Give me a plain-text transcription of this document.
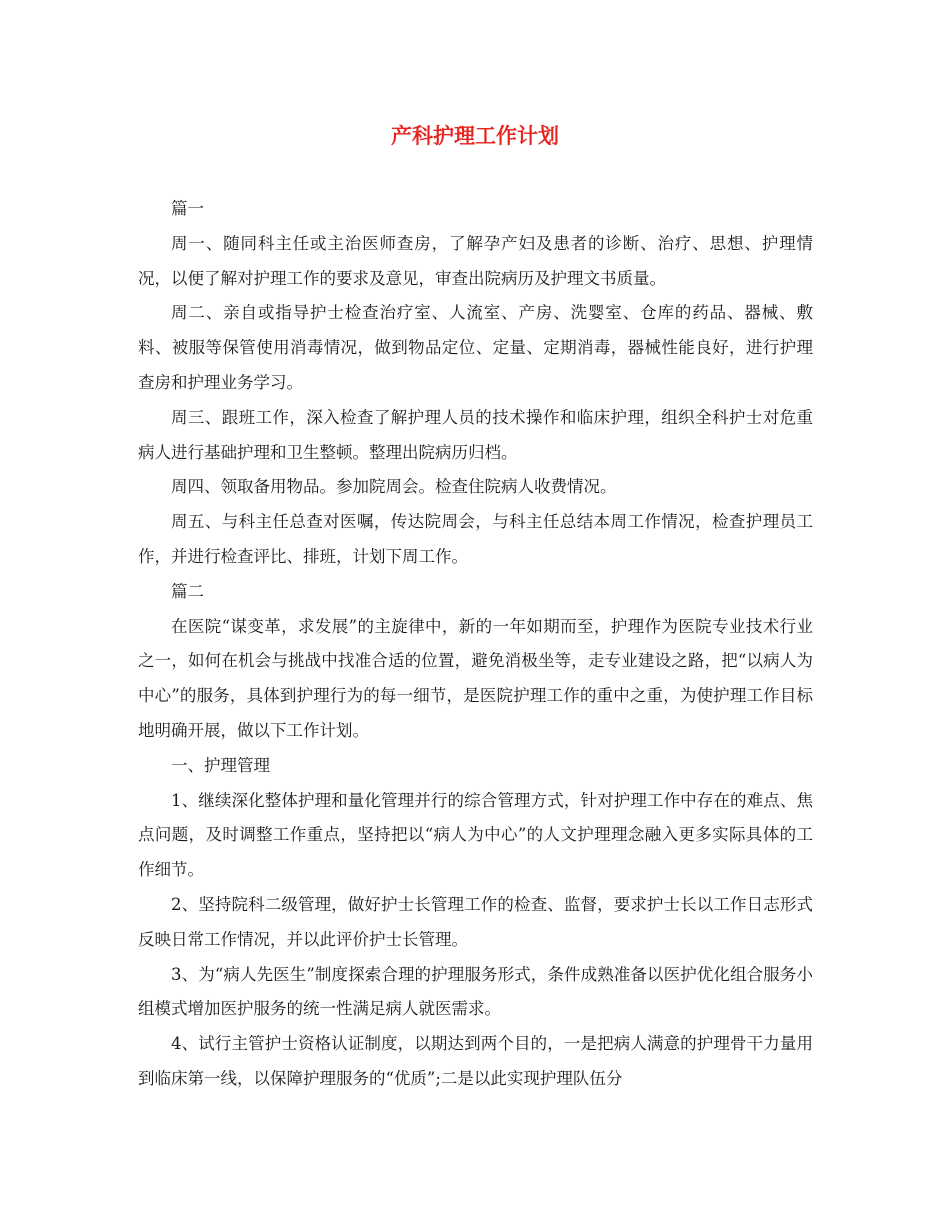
产科护理工作计划

篇一

周一、随同科主任或主治医师查房，了解孕产妇及患者的诊断、治疗、思想、护理情况，以便了解对护理工作的要求及意见，审查出院病历及护理文书质量。

周二、亲自或指导护士检查治疗室、人流室、产房、洗婴室、仓库的药品、器械、敷料、被服等保管使用消毒情况，做到物品定位、定量、定期消毒，器械性能良好，进行护理查房和护理业务学习。

周三、跟班工作，深入检查了解护理人员的技术操作和临床护理，组织全科护士对危重病人进行基础护理和卫生整顿。整理出院病历归档。

周四、领取备用物品。参加院周会。检查住院病人收费情况。

周五、与科主任总查对医嘱，传达院周会，与科主任总结本周工作情况，检查护理员工作，并进行检查评比、排班，计划下周工作。

篇二

在医院“谋变革，求发展”的主旋律中，新的一年如期而至，护理作为医院专业技术行业之一，如何在机会与挑战中找准合适的位置，避免消极坐等，走专业建设之路，把“以病人为中心”的服务，具体到护理行为的每一细节，是医院护理工作的重中之重，为使护理工作目标地明确开展，做以下工作计划。

一、护理管理

1、继续深化整体护理和量化管理并行的综合管理方式，针对护理工作中存在的难点、焦点问题，及时调整工作重点，坚持把以“病人为中心”的人文护理理念融入更多实际具体的工作细节。

2、坚持院科二级管理，做好护士长管理工作的检查、监督，要求护士长以工作日志形式反映日常工作情况，并以此评价护士长管理。

3、为“病人先医生”制度探索合理的护理服务形式，条件成熟准备以医护优化组合服务小组模式增加医护服务的统一性满足病人就医需求。

4、试行主管护士资格认证制度，以期达到两个目的，一是把病人满意的护理骨干力量用到临床第一线，以保障护理服务的“优质”;二是以此实现护理队伍分
